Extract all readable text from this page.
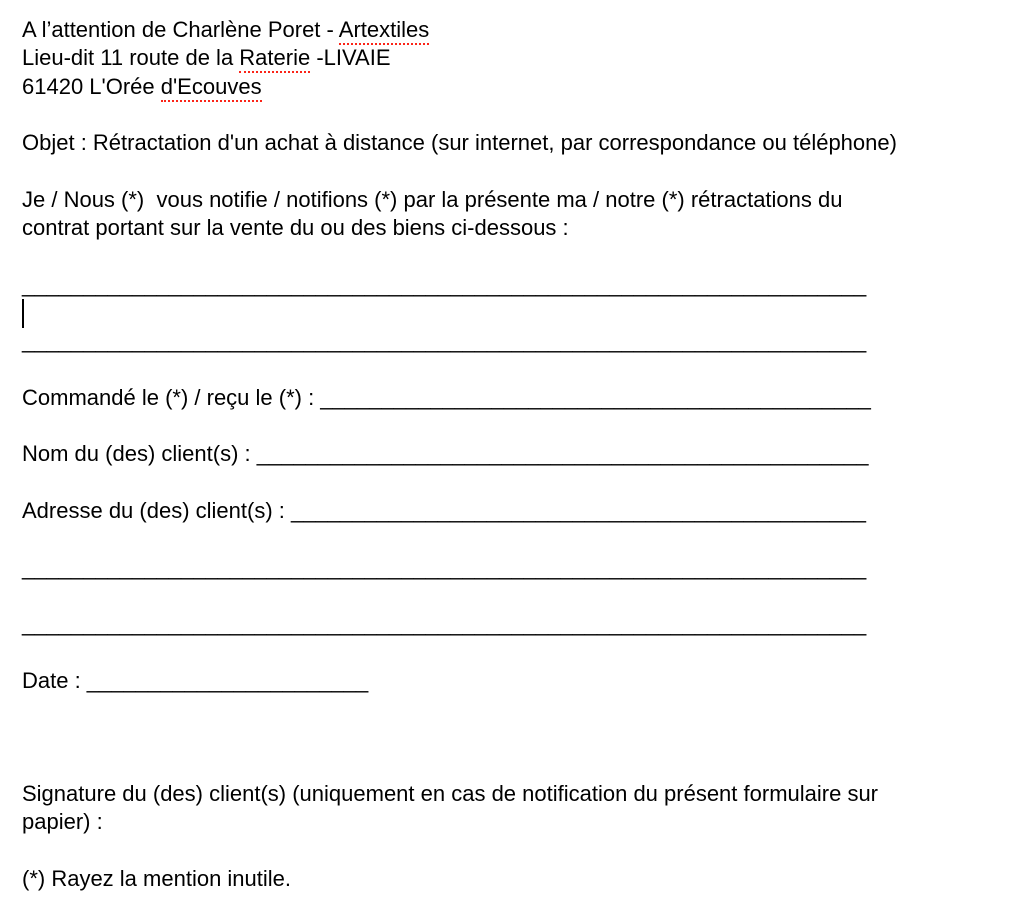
A l’attention de Charlène Poret - Artextiles
Lieu-dit 11 route de la Raterie -LIVAIE
61420 L'Orée d'Ecouves
Objet : Rétractation d'un achat à distance (sur internet, par correspondance ou téléphone)
Je / Nous (*)  vous notifie / notifions (*) par la présente ma / notre (*) rétractations du
contrat portant sur la vente du ou des biens ci-dessous :
_____________________________________________________________________
_____________________________________________________________________
Commandé le (*) / reçu le (*) : _____________________________________________
Nom du (des) client(s) : __________________________________________________
Adresse du (des) client(s) : _______________________________________________
_____________________________________________________________________
_____________________________________________________________________
Date : _______________________
Signature du (des) client(s) (uniquement en cas de notification du présent formulaire sur
papier) :
(*) Rayez la mention inutile.
